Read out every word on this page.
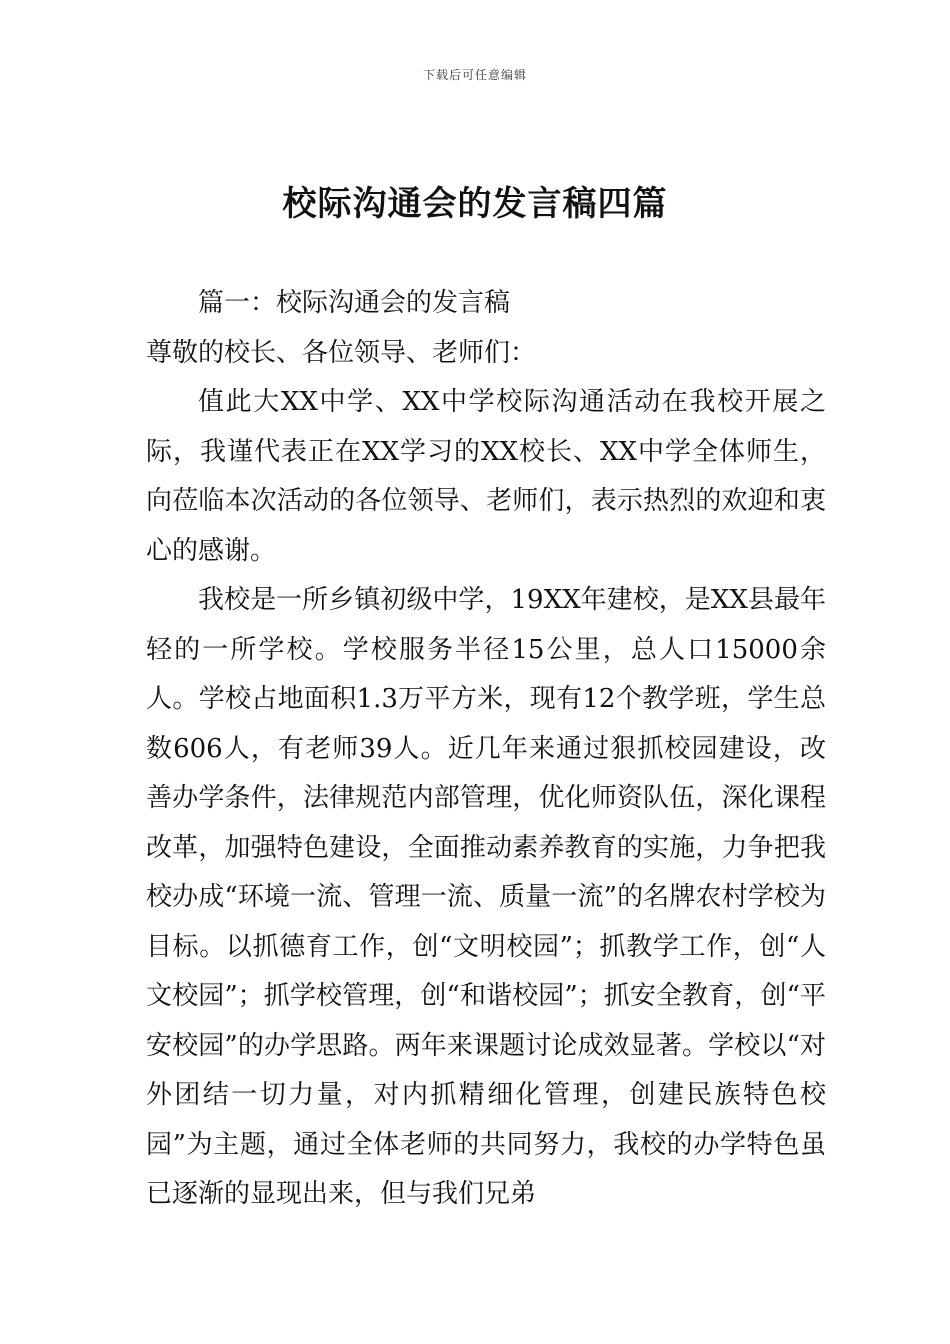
下载后可任意编辑
校际沟通会的发言稿四篇

篇一：校际沟通会的发言稿

尊敬的校长、各位领导、老师们：

值此大XX中学、XX中学校际沟通活动在我校开展之际，我谨代表正在XX学习的XX校长、XX中学全体师生，向莅临本次活动的各位领导、老师们，表示热烈的欢迎和衷心的感谢。

我校是一所乡镇初级中学，19XX年建校，是XX县最年轻的一所学校。学校服务半径15公里，总人口15000余人。学校占地面积1.3万平方米，现有12个教学班，学生总数606人，有老师39人。近几年来通过狠抓校园建设，改善办学条件，法律规范内部管理，优化师资队伍，深化课程改革，加强特色建设，全面推动素养教育的实施，力争把我校办成“环境一流、管理一流、质量一流”的名牌农村学校为目标。以抓德育工作，创“文明校园”；抓教学工作，创“人文校园”；抓学校管理，创“和谐校园”；抓安全教育，创“平安校园”的办学思路。两年来课题讨论成效显著。学校以“对外团结一切力量，对内抓精细化管理，创建民族特色校园”为主题，通过全体老师的共同努力，我校的办学特色虽已逐渐的显现出来，但与我们兄弟
